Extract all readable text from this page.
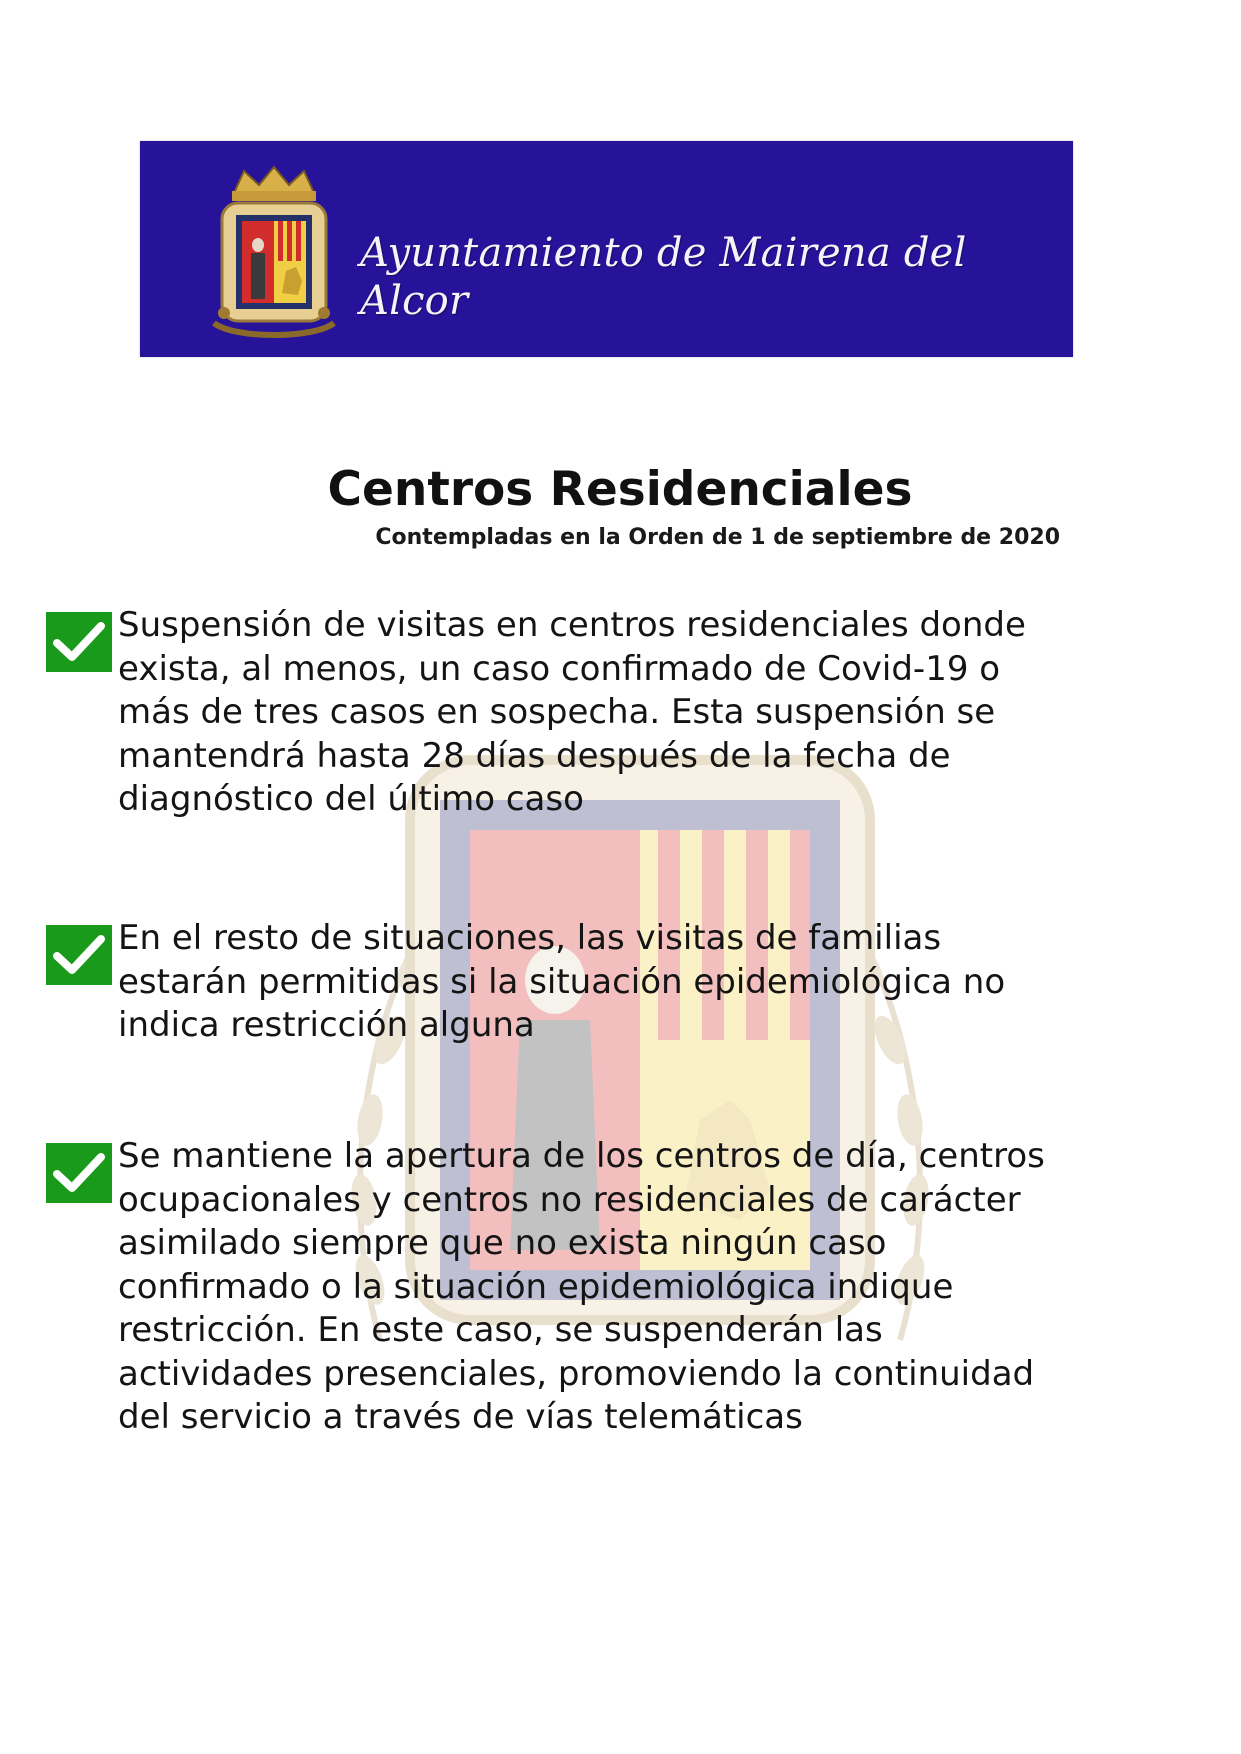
Ayuntamiento de Mairena del Alcor
Centros Residenciales
Contempladas en la Orden de 1 de septiembre de 2020
Suspensión de visitas en centros residenciales donde exista, al menos, un caso confirmado de Covid-19 o más de tres casos en sospecha. Esta suspensión se mantendrá hasta 28 días después de la fecha de diagnóstico del último caso
En el resto de situaciones, las visitas de familias estarán permitidas si la situación epidemiológica no indica restricción alguna
Se mantiene la apertura de los centros de día, centros ocupacionales y centros no residenciales de carácter asimilado siempre que no exista ningún caso confirmado o la situación epidemiológica indique restricción. En este caso, se suspenderán las actividades presenciales, promoviendo la continuidad del servicio a través de vías telemáticas
